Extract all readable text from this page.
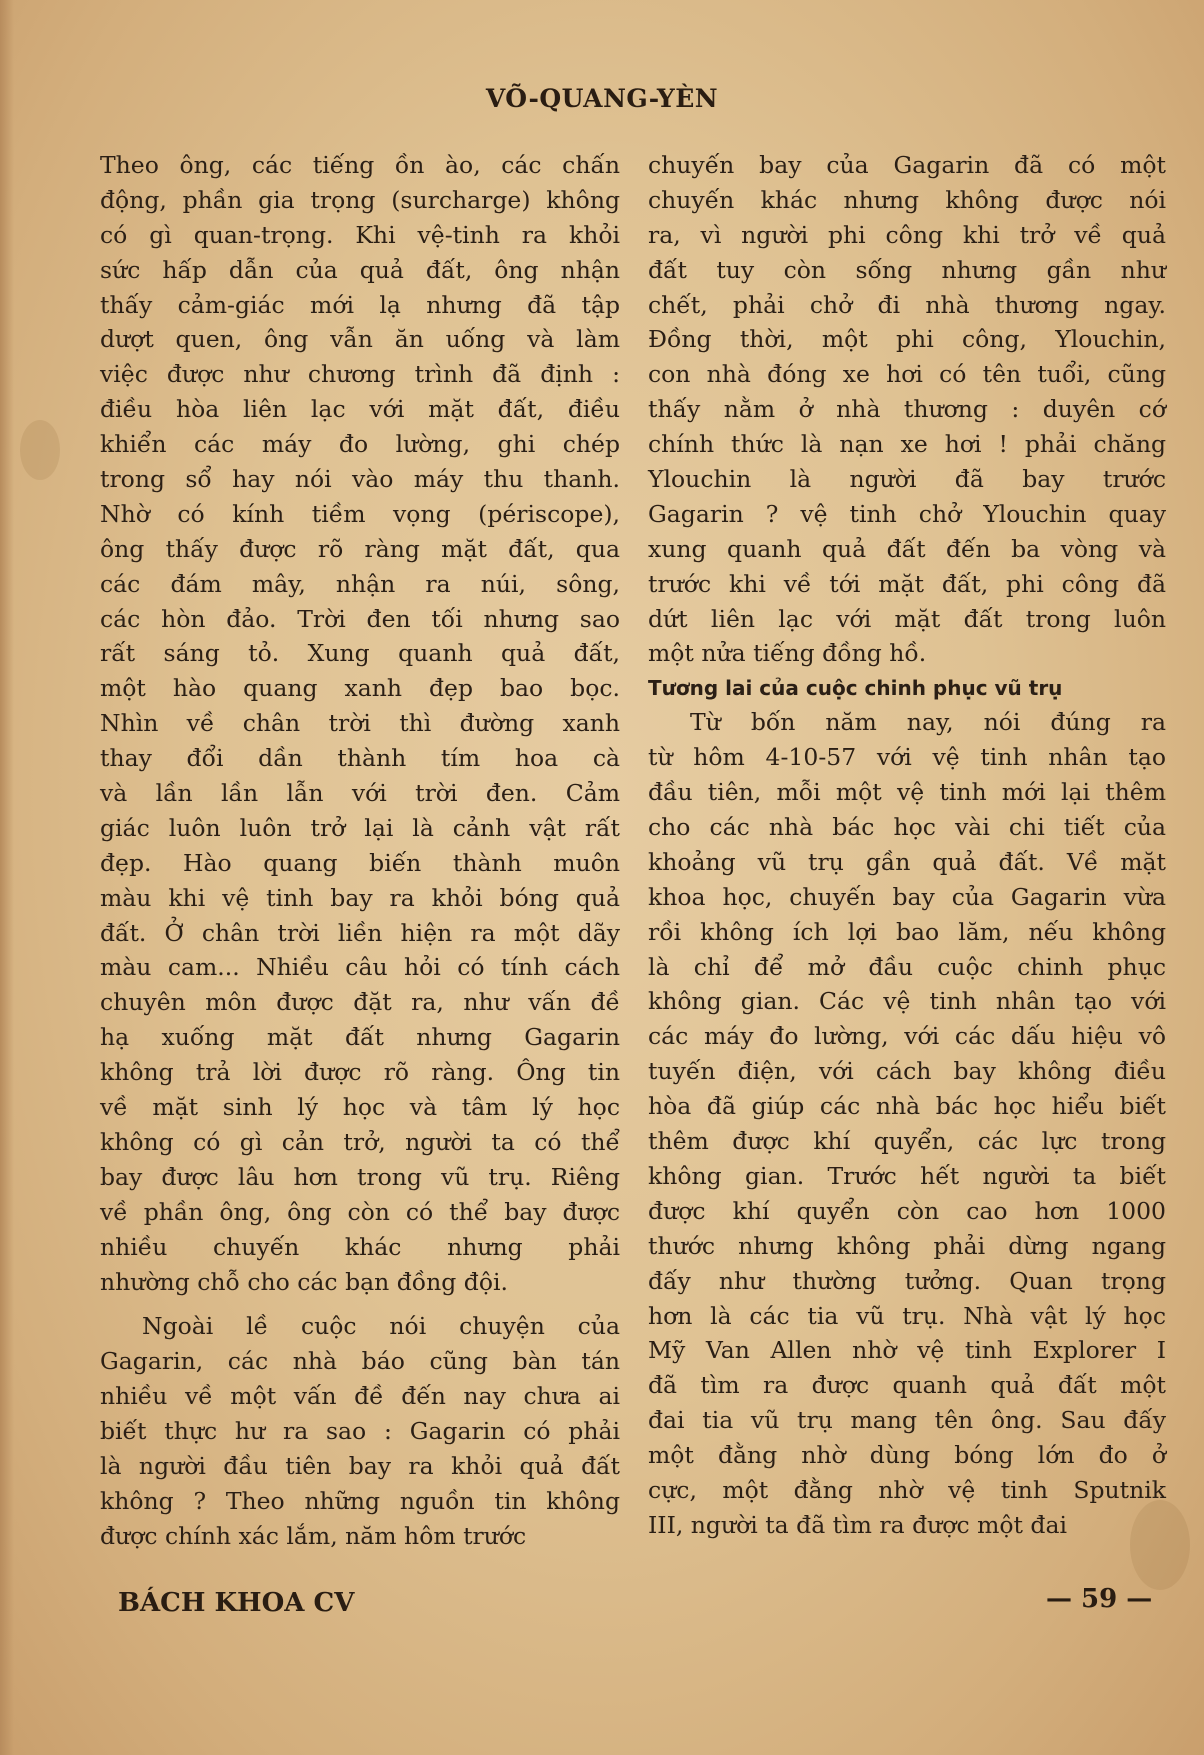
VÕ-QUANG-YÈN
Theo ông, các tiếng ồn ào, các chấn
động, phần gia trọng (surcharge) không
có gì quan-trọng. Khi vệ-tinh ra khỏi
sức hấp dẫn của quả đất, ông nhận
thấy cảm-giác mới lạ nhưng đã tập
dượt quen, ông vẫn ăn uống và làm
việc được như chương trình đã định :
điều hòa liên lạc với mặt đất, điều
khiển các máy đo lường, ghi chép
trong sổ hay nói vào máy thu thanh.
Nhờ có kính tiềm vọng (périscope),
ông thấy được rõ ràng mặt đất, qua
các đám mây, nhận ra núi, sông,
các hòn đảo. Trời đen tối nhưng sao
rất sáng tỏ. Xung quanh quả đất,
một hào quang xanh đẹp bao bọc.
Nhìn về chân trời thì đường xanh
thay đổi dần thành tím hoa cà
và lần lần lẫn với trời đen. Cảm
giác luôn luôn trở lại là cảnh vật rất
đẹp. Hào quang biến thành muôn
màu khi vệ tinh bay ra khỏi bóng quả
đất. Ở chân trời liền hiện ra một dãy
màu cam... Nhiều câu hỏi có tính cách
chuyên môn được đặt ra, như vấn đề
hạ xuống mặt đất nhưng Gagarin
không trả lời được rõ ràng. Ông tin
về mặt sinh lý học và tâm lý học
không có gì cản trở, người ta có thể
bay được lâu hơn trong vũ trụ. Riêng
về phần ông, ông còn có thể bay được
nhiều chuyến khác nhưng phải
nhường chỗ cho các bạn đồng đội.
Ngoài lề cuộc nói chuyện của
Gagarin, các nhà báo cũng bàn tán
nhiều về một vấn đề đến nay chưa ai
biết thực hư ra sao : Gagarin có phải
là người đầu tiên bay ra khỏi quả đất
không ? Theo những nguồn tin không
được chính xác lắm, năm hôm trước
chuyến bay của Gagarin đã có một
chuyến khác nhưng không được nói
ra, vì người phi công khi trở về quả
đất tuy còn sống nhưng gần như
chết, phải chở đi nhà thương ngay.
Đồng thời, một phi công, Ylouchin,
con nhà đóng xe hơi có tên tuổi, cũng
thấy nằm ở nhà thương : duyên cớ
chính thức là nạn xe hơi ! phải chăng
Ylouchin là người đã bay trước
Gagarin ? vệ tinh chở Ylouchin quay
xung quanh quả đất đến ba vòng và
trước khi về tới mặt đất, phi công đã
dứt liên lạc với mặt đất trong luôn
một nửa tiếng đồng hồ.
Tương lai của cuộc chinh phục vũ trụ
Từ bốn năm nay, nói đúng ra
từ hôm 4-10-57 với vệ tinh nhân tạo
đầu tiên, mỗi một vệ tinh mới lại thêm
cho các nhà bác học vài chi tiết của
khoảng vũ trụ gần quả đất. Về mặt
khoa học, chuyến bay của Gagarin vừa
rồi không ích lợi bao lăm, nếu không
là chỉ để mở đầu cuộc chinh phục
không gian. Các vệ tinh nhân tạo với
các máy đo lường, với các dấu hiệu vô
tuyến điện, với cách bay không điều
hòa đã giúp các nhà bác học hiểu biết
thêm được khí quyển, các lực trong
không gian. Trước hết người ta biết
được khí quyển còn cao hơn 1000
thước nhưng không phải dừng ngang
đấy như thường tưởng. Quan trọng
hơn là các tia vũ trụ. Nhà vật lý học
Mỹ Van Allen nhờ vệ tinh Explorer I
đã tìm ra được quanh quả đất một
đai tia vũ trụ mang tên ông. Sau đấy
một đằng nhờ dùng bóng lớn đo ở
cực, một đằng nhờ vệ tinh Sputnik
III, người ta đã tìm ra được một đai
BÁCH KHOA CV	— 59 —
